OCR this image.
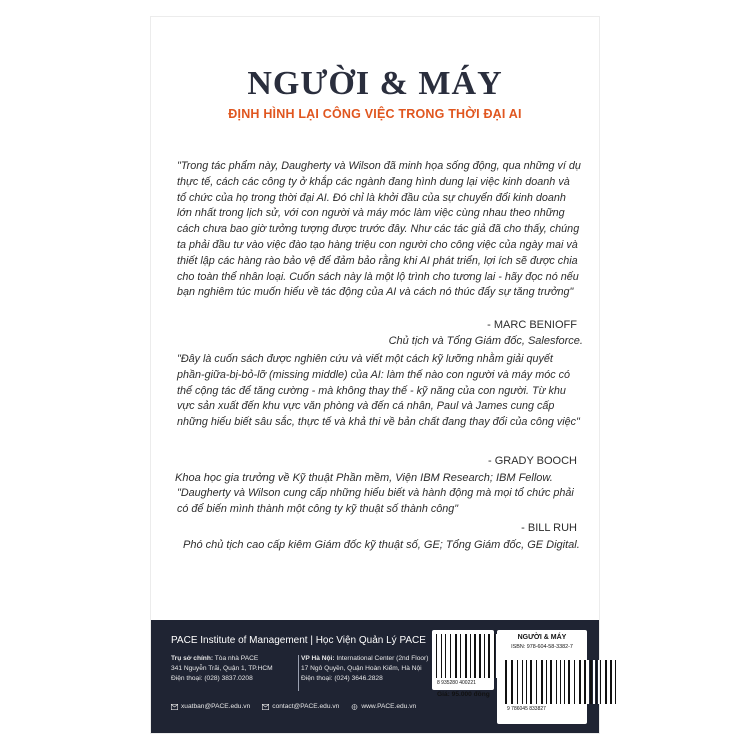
NGƯỜI & MÁY
ĐỊNH HÌNH LẠI CÔNG VIỆC TRONG THỜI ĐẠI AI
"Trong tác phẩm này, Daugherty và Wilson đã minh họa sống động, qua những ví dụ thực tế, cách các công ty ở khắp các ngành đang hình dung lại việc kinh doanh và tổ chức của họ trong thời đại AI. Đó chỉ là khởi đầu của sự chuyển đổi kinh doanh lớn nhất trong lịch sử, với con người và máy móc làm việc cùng nhau theo những cách chưa bao giờ tưởng tượng được trước đây. Như các tác giả đã cho thấy, chúng ta phải đầu tư vào việc đào tạo hàng triệu con người cho công việc của ngày mai và thiết lập các hàng rào bảo vệ để đảm bảo rằng khi AI phát triển, lợi ích sẽ được chia cho toàn thể nhân loại. Cuốn sách này là một lộ trình cho tương lai - hãy đọc nó nếu bạn nghiêm túc muốn hiểu về tác động của AI và cách nó thúc đẩy sự tăng trưởng"
- MARC BENIOFF
Chủ tịch và Tổng Giám đốc, Salesforce.
"Đây là cuốn sách được nghiên cứu và viết một cách kỹ lưỡng nhằm giải quyết phần-giữa-bị-bỏ-lỡ (missing middle) của AI: làm thế nào con người và máy móc có thể cộng tác để tăng cường - mà không thay thế - kỹ năng của con người. Từ khu vực sản xuất đến khu vực văn phòng và đến cá nhân, Paul và James cung cấp những hiểu biết sâu sắc, thực tế và khả thi về bản chất đang thay đổi của công việc"
- GRADY BOOCH
Khoa học gia trưởng về Kỹ thuật Phần mềm, Viện IBM Research; IBM Fellow.
"Daugherty và Wilson cung cấp những hiểu biết và hành động mà mọi tổ chức phải có để biến mình thành một công ty kỹ thuật số thành công"
- BILL RUH
Phó chủ tịch cao cấp kiêm Giám đốc kỹ thuật số, GE; Tổng Giám đốc, GE Digital.
PACE Institute of Management | Học Viện Quản Lý PACE
Trụ sở chính: Tòa nhà PACE
341 Nguyễn Trãi, Quận 1, TP.HCM
Điện thoại: (028) 3837.0208
VP Hà Nội: International Center (2nd Floor)
17 Ngô Quyền, Quận Hoàn Kiếm, Hà Nội
Điện thoại: (024) 3646.2828
xuatban@PACE.edu.vn	contact@PACE.edu.vn	www.PACE.edu.vn
8 935280 400221
Giá: 95.000 đồng
NGƯỜI & MÁY
ISBN: 978-604-58-3382-7
9 786045 833827
